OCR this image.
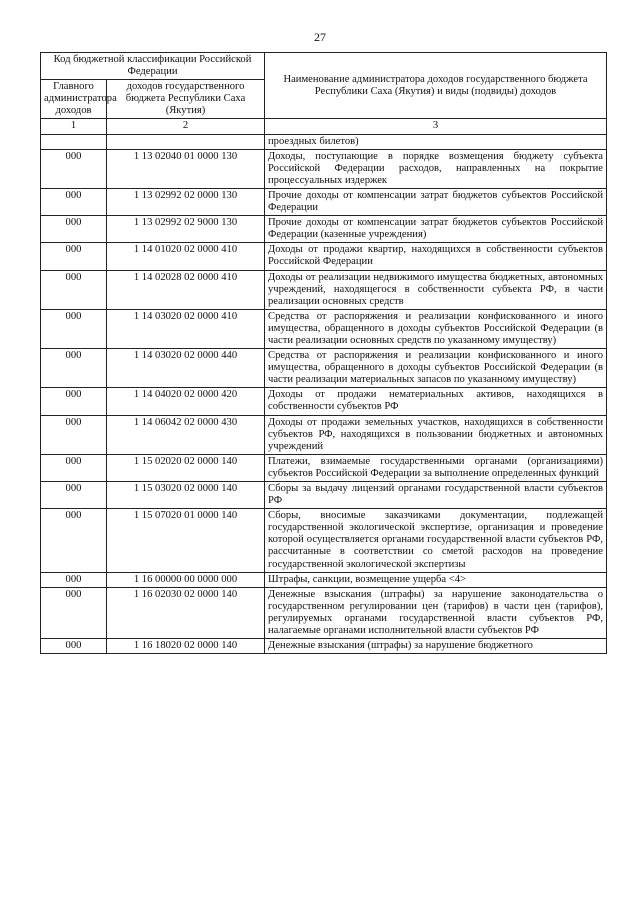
27
Код бюджетной классификации Российской Федерации		Наименование администратора доходов государственного бюджета Республики Саха (Якутия) и виды (подвиды) доходов
Главного администратора доходов	доходов государственного бюджета Республики Саха (Якутия)	
1	2	3
		проездных билетов)
000	1 13 02040 01 0000 130	Доходы, поступающие в порядке возмещения бюджету субъекта Российской Федерации расходов, направленных на покрытие процессуальных издержек
000	1 13 02992 02 0000 130	Прочие доходы от компенсации затрат бюджетов субъектов Российской Федерации
000	1 13 02992 02 9000 130	Прочие доходы от компенсации затрат бюджетов субъектов Российской Федерации (казенные учреждения)
000	1 14 01020 02 0000 410	Доходы от продажи квартир, находящихся в собственности субъектов Российской Федерации
000	1 14 02028 02 0000 410	Доходы от реализации недвижимого имущества бюджетных, автономных учреждений, находящегося в собственности субъекта РФ, в части реализации основных средств
000	1 14 03020 02 0000 410	Средства от распоряжения и реализации конфискованного и иного имущества, обращенного в доходы субъектов Российской Федерации (в части реализации основных средств по указанному имуществу)
000	1 14 03020 02 0000 440	Средства от распоряжения и реализации конфискованного и иного имущества, обращенного в доходы субъектов Российской Федерации (в части реализации материальных запасов по указанному имуществу)
000	1 14 04020 02 0000 420	Доходы от продажи нематериальных активов, находящихся в собственности субъектов РФ
000	1 14 06042 02 0000 430	Доходы от продажи земельных участков, находящихся в собственности субъектов РФ, находящихся в пользовании бюджетных и автономных учреждений
000	1 15 02020 02 0000 140	Платежи, взимаемые государственными органами (организациями) субъектов Российской Федерации за выполнение определенных функций
000	1 15 03020 02 0000 140	Сборы за выдачу лицензий органами государственной власти субъектов РФ
000	1 15 07020 01 0000 140	Сборы, вносимые заказчиками документации, подлежащей государственной экологической экспертизе, организация и проведение которой осуществляется органами государственной власти субъектов РФ, рассчитанные в соответствии со сметой расходов на проведение государственной экологической экспертизы
000	1 16 00000 00 0000 000	Штрафы, санкции, возмещение ущерба <4>
000	1 16 02030 02 0000 140	Денежные взыскания (штрафы) за нарушение законодательства о государственном регулировании цен (тарифов) в части цен (тарифов), регулируемых органами государственной власти субъектов РФ, налагаемые органами исполнительной власти субъектов РФ
000	1 16 18020 02 0000 140	Денежные взыскания (штрафы) за нарушение бюджетного
